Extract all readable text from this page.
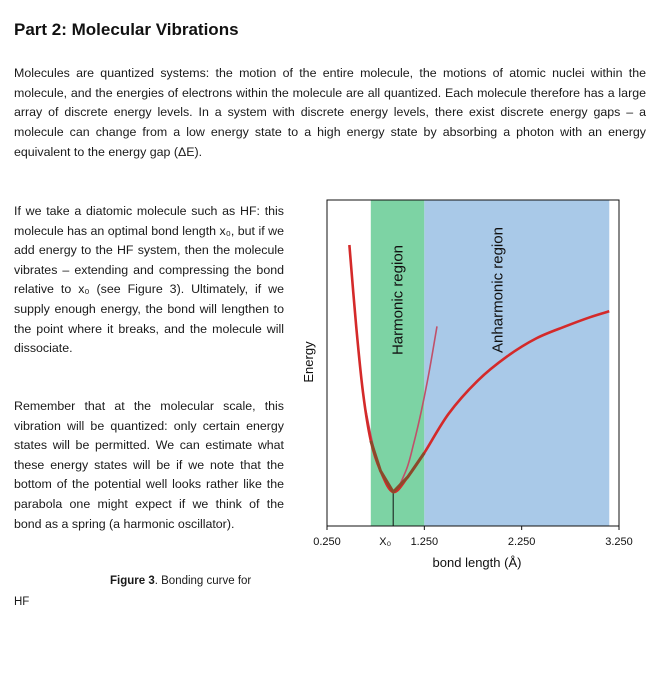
Part 2: Molecular Vibrations

Molecules are quantized systems: the motion of the entire molecule, the motions of atomic nuclei within the molecule, and the energies of electrons within the molecule are all quantized. Each molecule therefore has a large array of discrete energy levels. In a system with discrete energy levels, there exist discrete energy gaps – a molecule can change from a low energy state to a high energy state by absorbing a photon with an energy equivalent to the energy gap (ΔE).

If we take a diatomic molecule such as HF: this molecule has an optimal bond length x₀, but if we add energy to the HF system, then the molecule vibrates – extending and compressing the bond relative to x₀ (see Figure 3). Ultimately, if we supply enough energy, the bond will lengthen to the point where it breaks, and the molecule will dissociate.

Remember that at the molecular scale, this vibration will be quantized: only certain energy states will be permitted. We can estimate what these energy states will be if we note that the bottom of the potential well looks rather like the parabola one might expect if we think of the bond as a spring (a harmonic oscillator).

Figure 3. Bonding curve for

HF

Harmonic region	Anharmonic region
0.250	1.250	2.250	3.250
X₀
bond length (Å)
Energy
